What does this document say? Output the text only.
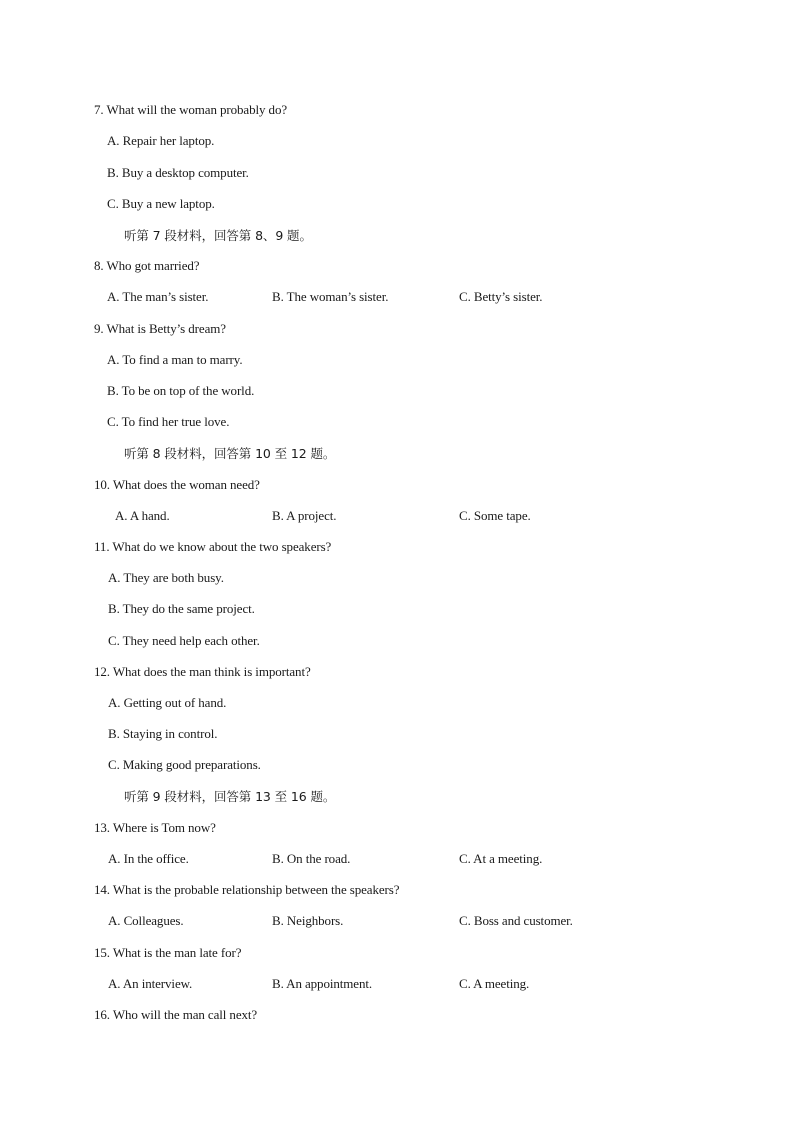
7. What will the woman probably do?
A. Repair her laptop.
B. Buy a desktop computer.
C. Buy a new laptop.
听第 7 段材料，回答第 8、9 题。
8. Who got married?
A. The man’s sister.	B. The woman’s sister.	C. Betty’s sister.
9. What is Betty’s dream?
A. To find a man to marry.
B. To be on top of the world.
C. To find her true love.
听第 8 段材料，回答第 10 至 12 题。
10. What does the woman need?
A. A hand.	B. A project.	C. Some tape.
11. What do we know about the two speakers?
A. They are both busy.
B. They do the same project.
C. They need help each other.
12. What does the man think is important?
A. Getting out of hand.
B. Staying in control.
C. Making good preparations.
听第 9 段材料，回答第 13 至 16 题。
13. Where is Tom now?
A. In the office.	B. On the road.	C. At a meeting.
14. What is the probable relationship between the speakers?
A. Colleagues.	B. Neighbors.	C. Boss and customer.
15. What is the man late for?
A. An interview.	B. An appointment.	C. A meeting.
16. Who will the man call next?
